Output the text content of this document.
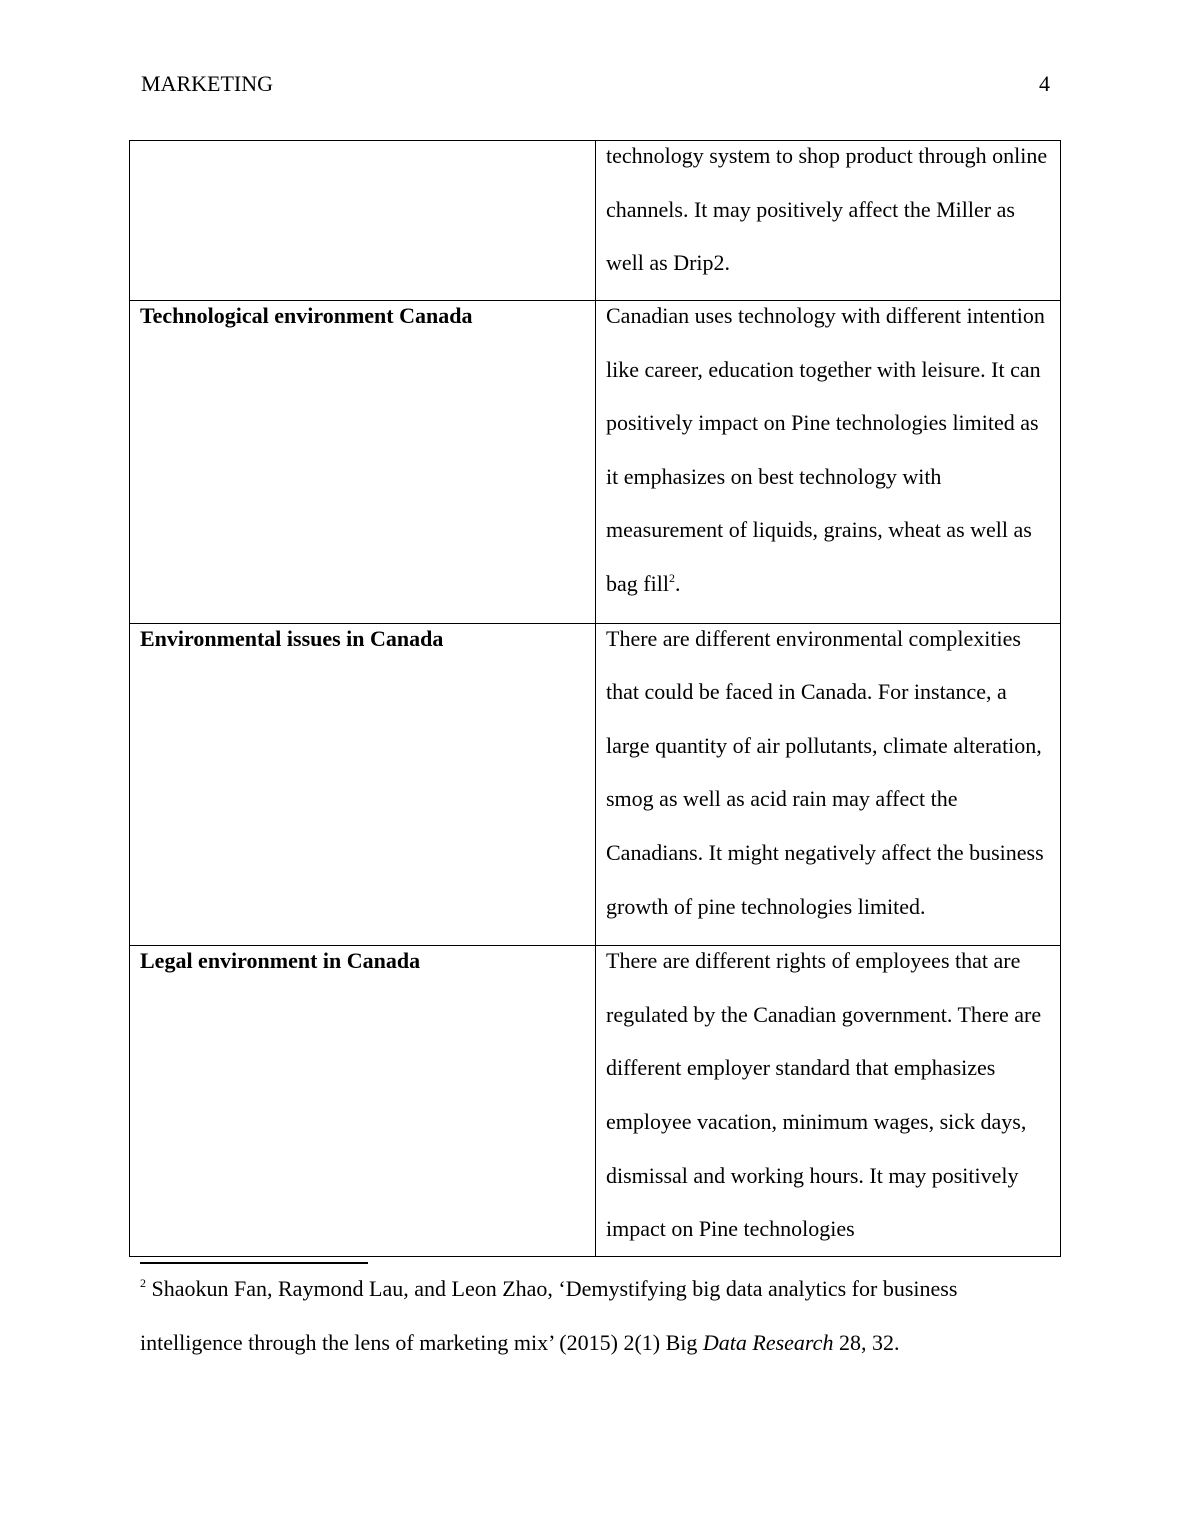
MARKETING	4

	technology system to shop product through online channels. It may positively affect the Miller as well as Drip2.

Technological environment Canada	Canadian uses technology with different intention like career, education together with leisure. It can positively impact on Pine technologies limited as it emphasizes on best technology with measurement of liquids, grains, wheat as well as bag fill$^2$.

Environmental issues in Canada	There are different environmental complexities that could be faced in Canada. For instance, a large quantity of air pollutants, climate alteration, smog as well as acid rain may affect the Canadians. It might negatively affect the business growth of pine technologies limited.

Legal environment in Canada	There are different rights of employees that are regulated by the Canadian government. There are different employer standard that emphasizes employee vacation, minimum wages, sick days, dismissal and working hours. It may positively impact on Pine technologies
$^2$ Shaokun Fan, Raymond Lau, and Leon Zhao, ‘Demystifying big data analytics for business intelligence through the lens of marketing mix’ (2015) 2(1) Big Data Research 28, 32.
